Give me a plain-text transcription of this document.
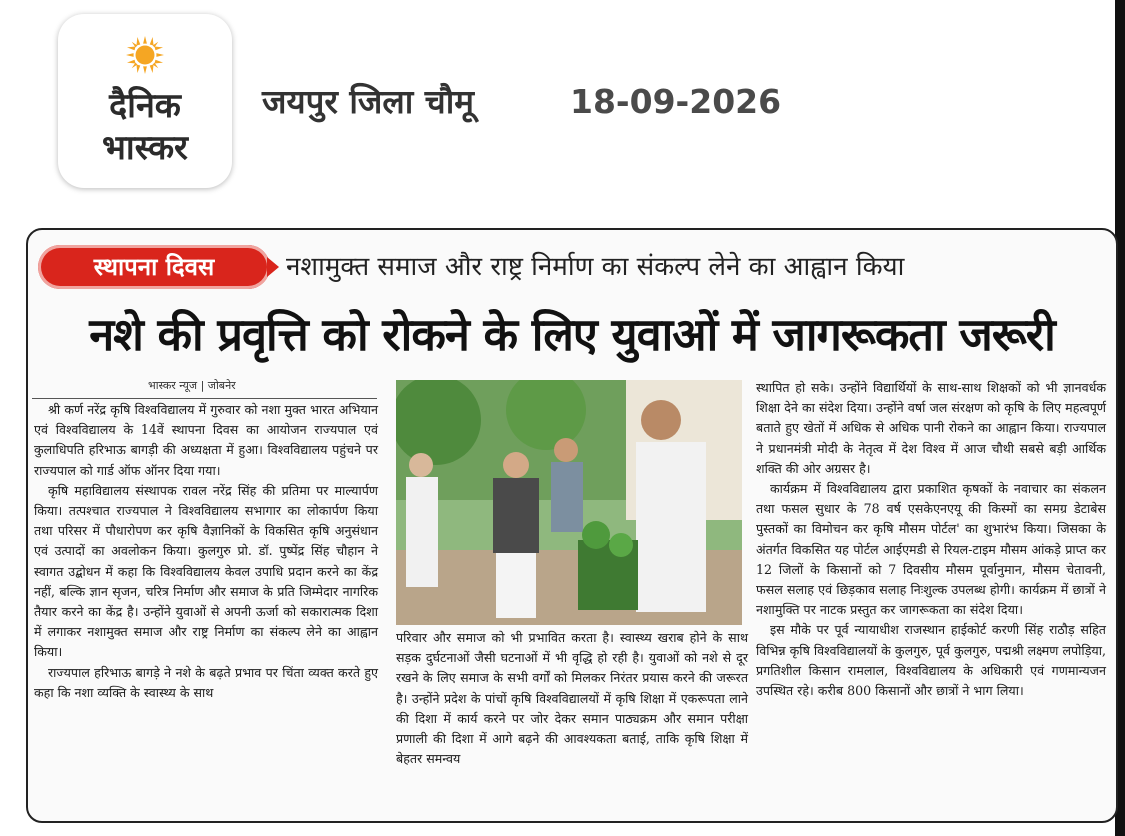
दैनिक
भास्कर
जयपुर जिला चौमू	18-09-2026
स्थापना दिवस	नशामुक्त समाज और राष्ट्र निर्माण का संकल्प लेने का आह्वान किया
नशे की प्रवृत्ति को रोकने के लिए युवाओं में जागरूकता जरूरी
भास्कर न्यूज | जोबनेर

श्री कर्ण नरेंद्र कृषि विश्वविद्यालय में गुरुवार को नशा मुक्त भारत अभियान एवं विश्वविद्यालय के 14वें स्थापना दिवस का आयोजन राज्यपाल एवं कुलाधिपति हरिभाऊ बागड़ी की अध्यक्षता में हुआ। विश्वविद्यालय पहुंचने पर राज्यपाल को गार्ड ऑफ ऑनर दिया गया।

कृषि महाविद्यालय संस्थापक रावल नरेंद्र सिंह की प्रतिमा पर माल्यार्पण किया। तत्पश्चात राज्यपाल ने विश्वविद्यालय सभागार का लोकार्पण किया तथा परिसर में पौधारोपण कर कृषि वैज्ञानिकों के विकसित कृषि अनुसंधान एवं उत्पादों का अवलोकन किया। कुलगुरु प्रो. डॉ. पुष्पेंद्र सिंह चौहान ने स्वागत उद्बोधन में कहा कि विश्वविद्यालय केवल उपाधि प्रदान करने का केंद्र नहीं, बल्कि ज्ञान सृजन, चरित्र निर्माण और समाज के प्रति जिम्मेदार नागरिक तैयार करने का केंद्र है। उन्होंने युवाओं से अपनी ऊर्जा को सकारात्मक दिशा में लगाकर नशामुक्त समाज और राष्ट्र निर्माण का संकल्प लेने का आह्वान किया।

राज्यपाल हरिभाऊ बागड़े ने नशे के बढ़ते प्रभाव पर चिंता व्यक्त करते हुए कहा कि नशा व्यक्ति के स्वास्थ्य के साथ

परिवार और समाज को भी प्रभावित करता है। स्वास्थ्य खराब होने के साथ सड़क दुर्घटनाओं जैसी घटनाओं में भी वृद्धि हो रही है। युवाओं को नशे से दूर रखने के लिए समाज के सभी वर्गों को मिलकर निरंतर प्रयास करने की जरूरत है। उन्होंने प्रदेश के पांचों कृषि विश्वविद्यालयों में कृषि शिक्षा में एकरूपता लाने की दिशा में कार्य करने पर जोर देकर समान पाठ्यक्रम और समान परीक्षा प्रणाली की दिशा में आगे बढ़ने की आवश्यकता बताई, ताकि कृषि शिक्षा में बेहतर समन्वय

स्थापित हो सके। उन्होंने विद्यार्थियों के साथ-साथ शिक्षकों को भी ज्ञानवर्धक शिक्षा देने का संदेश दिया। उन्होंने वर्षा जल संरक्षण को कृषि के लिए महत्वपूर्ण बताते हुए खेतों में अधिक से अधिक पानी रोकने का आह्वान किया। राज्यपाल ने प्रधानमंत्री मोदी के नेतृत्व में देश विश्व में आज चौथी सबसे बड़ी आर्थिक शक्ति की ओर अग्रसर है।

कार्यक्रम में विश्वविद्यालय द्वारा प्रकाशित कृषकों के नवाचार का संकलन तथा फसल सुधार के 78 वर्ष एसकेएनएयू की किस्मों का समग्र डेटाबेस पुस्तकों का विमोचन कर कृषि मौसम पोर्टल' का शुभारंभ किया। जिसका के अंतर्गत विकसित यह पोर्टल आईएमडी से रियल-टाइम मौसम आंकड़े प्राप्त कर 12 जिलों के किसानों को 7 दिवसीय मौसम पूर्वानुमान, मौसम चेतावनी, फसल सलाह एवं छिड़काव सलाह निःशुल्क उपलब्ध होगी। कार्यक्रम में छात्रों ने नशामुक्ति पर नाटक प्रस्तुत कर जागरूकता का संदेश दिया।

इस मौके पर पूर्व न्यायाधीश राजस्थान हाईकोर्ट करणी सिंह राठौड़ सहित विभिन्न कृषि विश्वविद्यालयों के कुलगुरु, पूर्व कुलगुरु, पद्मश्री लक्ष्मण लपोड़िया, प्रगतिशील किसान रामलाल, विश्वविद्यालय के अधिकारी एवं गणमान्यजन उपस्थित रहे। करीब 800 किसानों और छात्रों ने भाग लिया।
